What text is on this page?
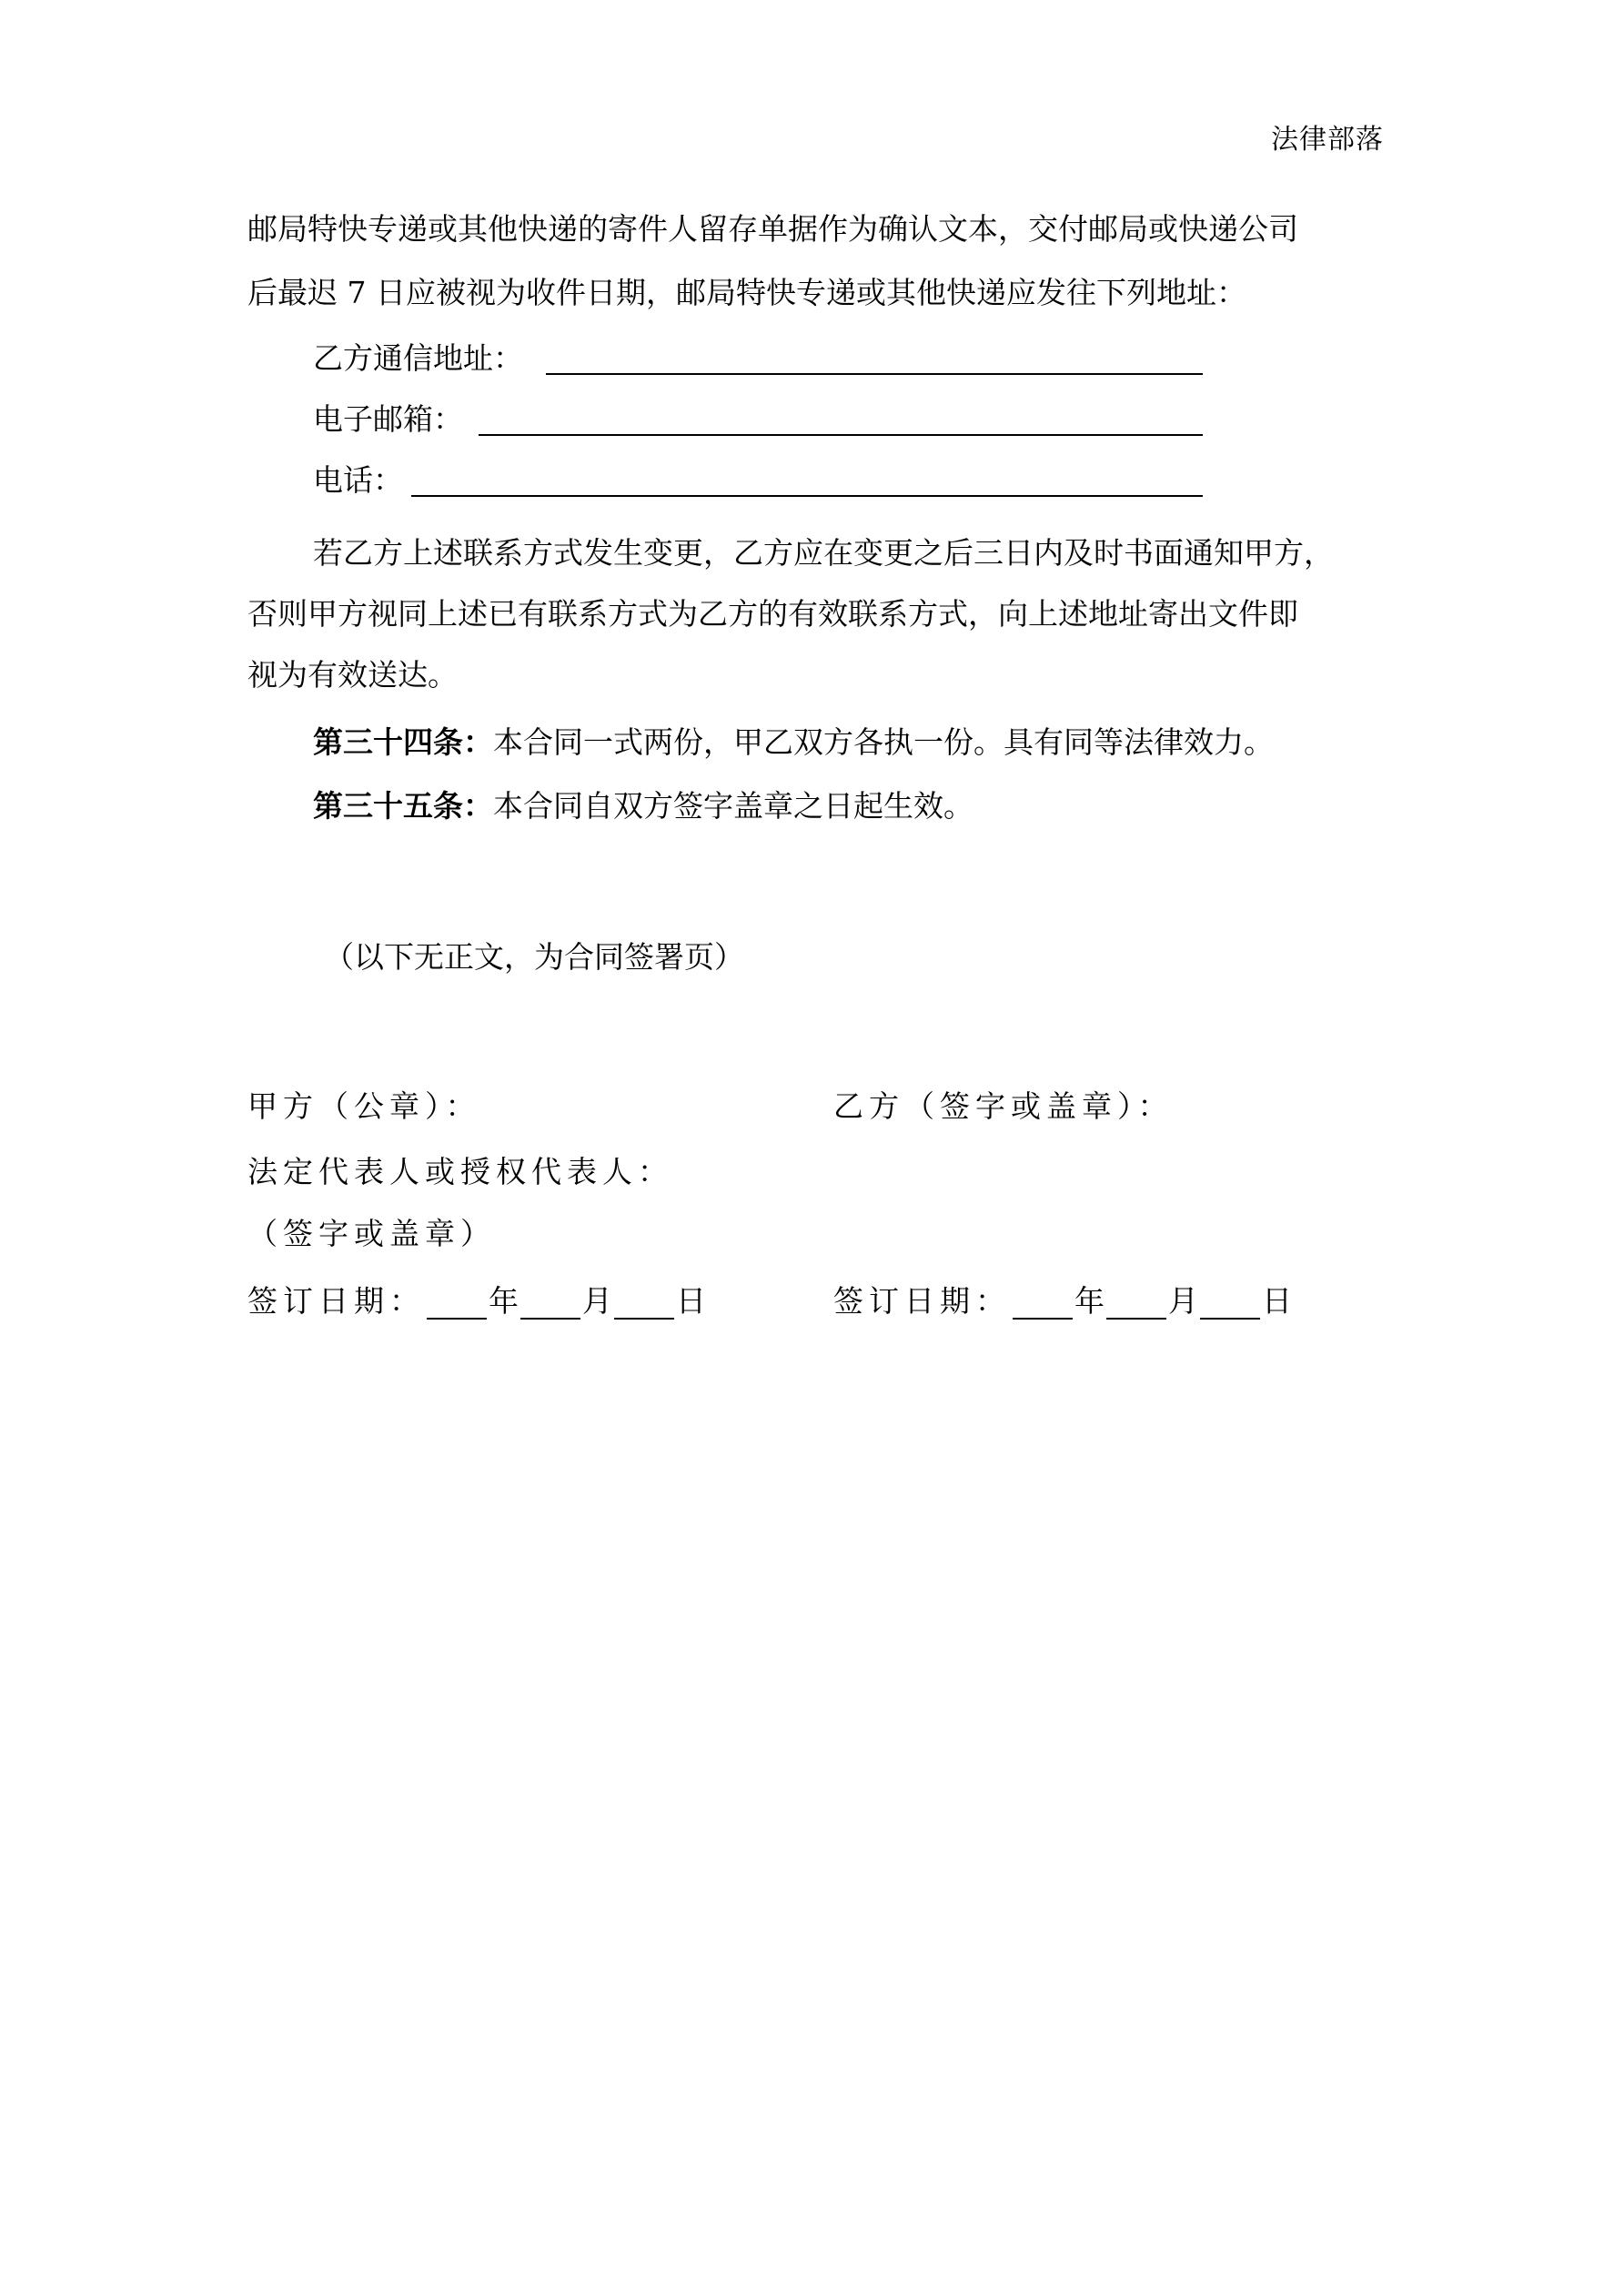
法律部落
邮局特快专递或其他快递的寄件人留存单据作为确认文本，交付邮局或快递公司
后最迟 7 日应被视为收件日期，邮局特快专递或其他快递应发往下列地址：
乙方通信地址：
电子邮箱：
电话：
若乙方上述联系方式发生变更，乙方应在变更之后三日内及时书面通知甲方，
否则甲方视同上述已有联系方式为乙方的有效联系方式，向上述地址寄出文件即
视为有效送达。
第三十四条：本合同一式两份，甲乙双方各执一份。具有同等法律效力。
第三十五条：本合同自双方签字盖章之日起生效。
（以下无正文，为合同签署页）
甲方（公章）：	乙方（签字或盖章）：
法定代表人或授权代表人：
（签字或盖章）
签订日期： 年 月 日	签订日期： 年 月 日
